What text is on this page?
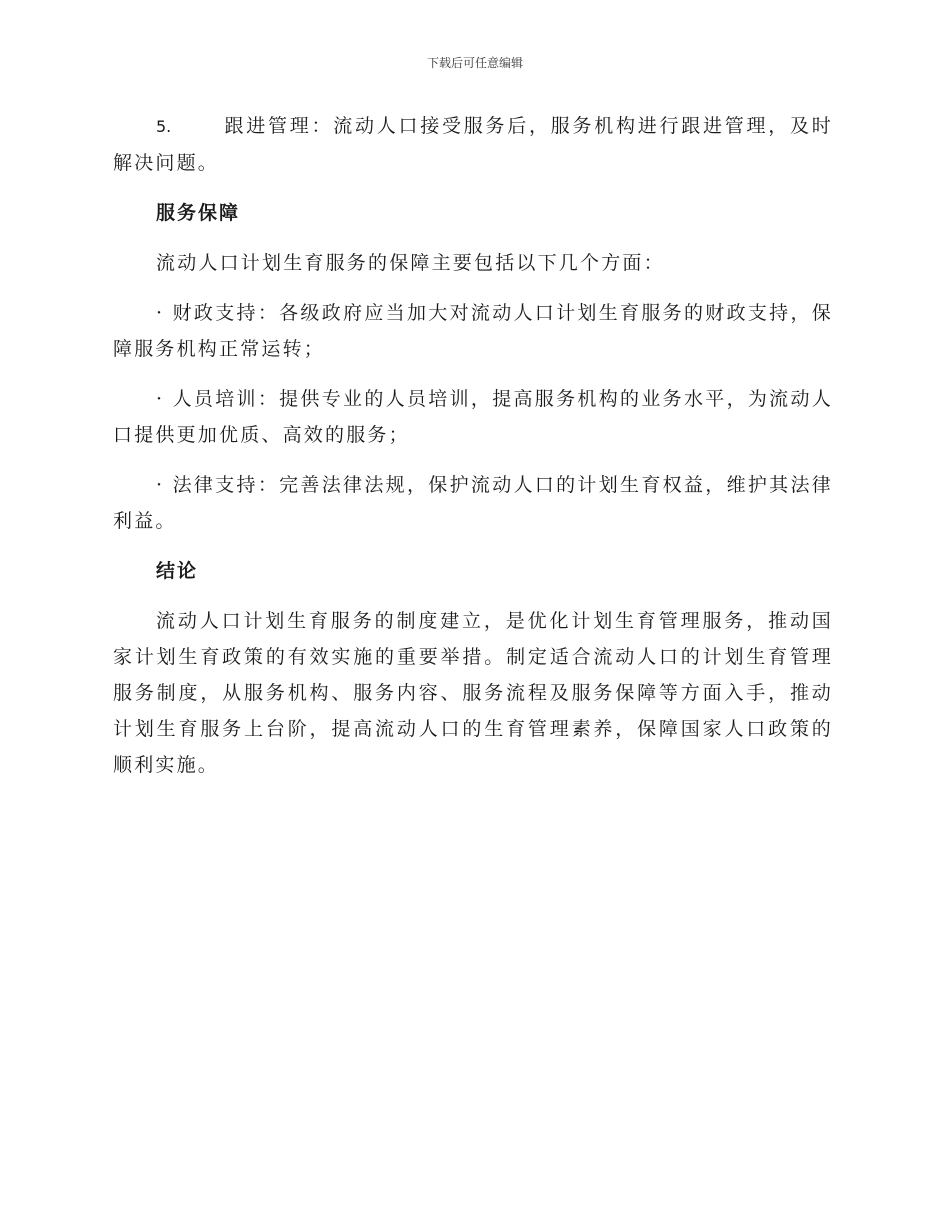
下载后可任意编辑

5.	跟进管理：流动人口接受服务后，服务机构进行跟进管理，及时解决问题。

服务保障

流动人口计划生育服务的保障主要包括以下几个方面：

· 财政支持：各级政府应当加大对流动人口计划生育服务的财政支持，保障服务机构正常运转；

· 人员培训：提供专业的人员培训，提高服务机构的业务水平，为流动人口提供更加优质、高效的服务；

· 法律支持：完善法律法规，保护流动人口的计划生育权益，维护其法律利益。

结论

流动人口计划生育服务的制度建立，是优化计划生育管理服务，推动国家计划生育政策的有效实施的重要举措。制定适合流动人口的计划生育管理服务制度，从服务机构、服务内容、服务流程及服务保障等方面入手，推动计划生育服务上台阶，提高流动人口的生育管理素养，保障国家人口政策的顺利实施。
